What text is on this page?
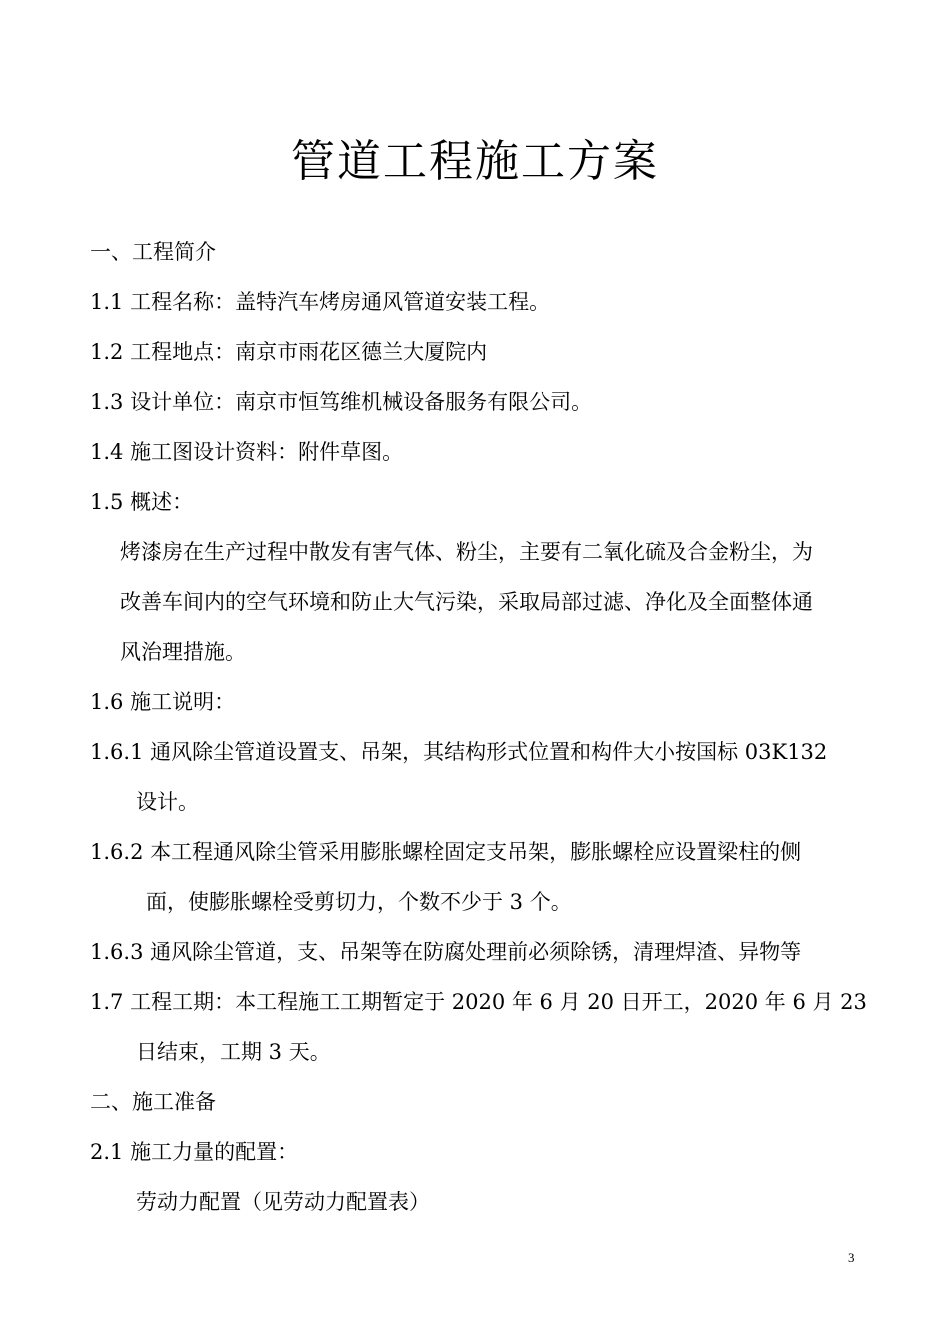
管道工程施工方案
一、工程简介
1.1 工程名称：盖特汽车烤房通风管道安装工程。
1.2 工程地点：南京市雨花区德兰大厦院内
1.3 设计单位：南京市恒笃维机械设备服务有限公司。
1.4 施工图设计资料：附件草图。
1.5 概述：
烤漆房在生产过程中散发有害气体、粉尘，主要有二氧化硫及合金粉尘，为
改善车间内的空气环境和防止大气污染，采取局部过滤、净化及全面整体通
风治理措施。
1.6 施工说明：
1.6.1 通风除尘管道设置支、吊架，其结构形式位置和构件大小按国标 03K132
设计。
1.6.2 本工程通风除尘管采用膨胀螺栓固定支吊架，膨胀螺栓应设置梁柱的侧
面，使膨胀螺栓受剪切力，个数不少于 3 个。
1.6.3 通风除尘管道，支、吊架等在防腐处理前必须除锈，清理焊渣、异物等
1.7 工程工期：本工程施工工期暂定于 2020 年 6 月 20 日开工，2020 年 6 月 23
日结束，工期 3 天。
二、施工准备
2.1 施工力量的配置：
劳动力配置（见劳动力配置表）
3
